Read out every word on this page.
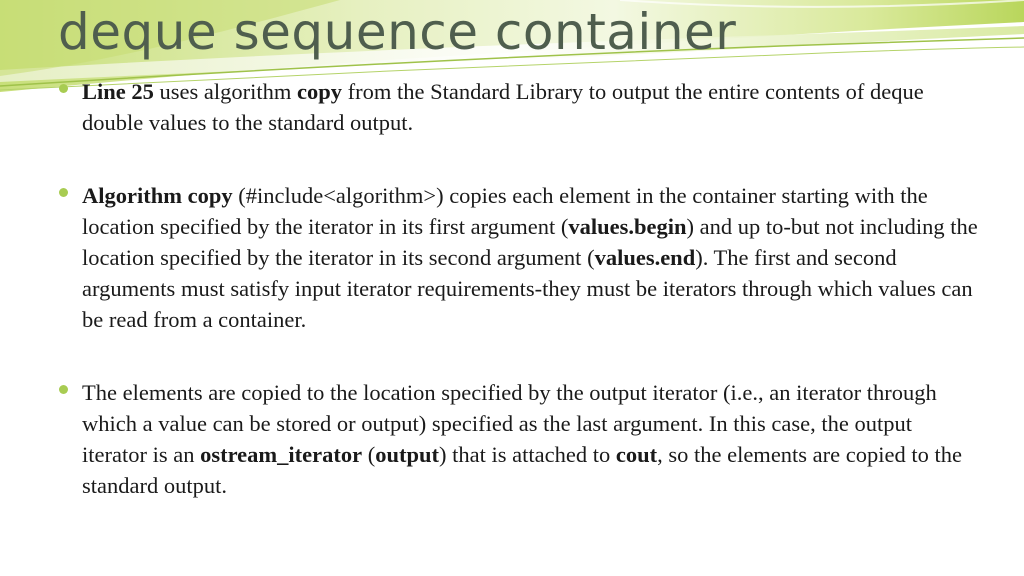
deque sequence container
Line 25 uses algorithm copy from the Standard Library to output the entire contents of deque double values to the standard output.
Algorithm copy (#include<algorithm>) copies each element in the container starting with the location specified by the iterator in its first argument (values.begin) and up to-but not including the location specified by the iterator in its second argument (values.end). The first and second arguments must satisfy input iterator requirements-they must be iterators through which values can be read from a container.
The elements are copied to the location specified by the output iterator (i.e., an iterator through which a value can be stored or output) specified as the last argument. In this case, the output iterator is an ostream_iterator (output) that is attached to cout, so the elements are copied to the standard output.
